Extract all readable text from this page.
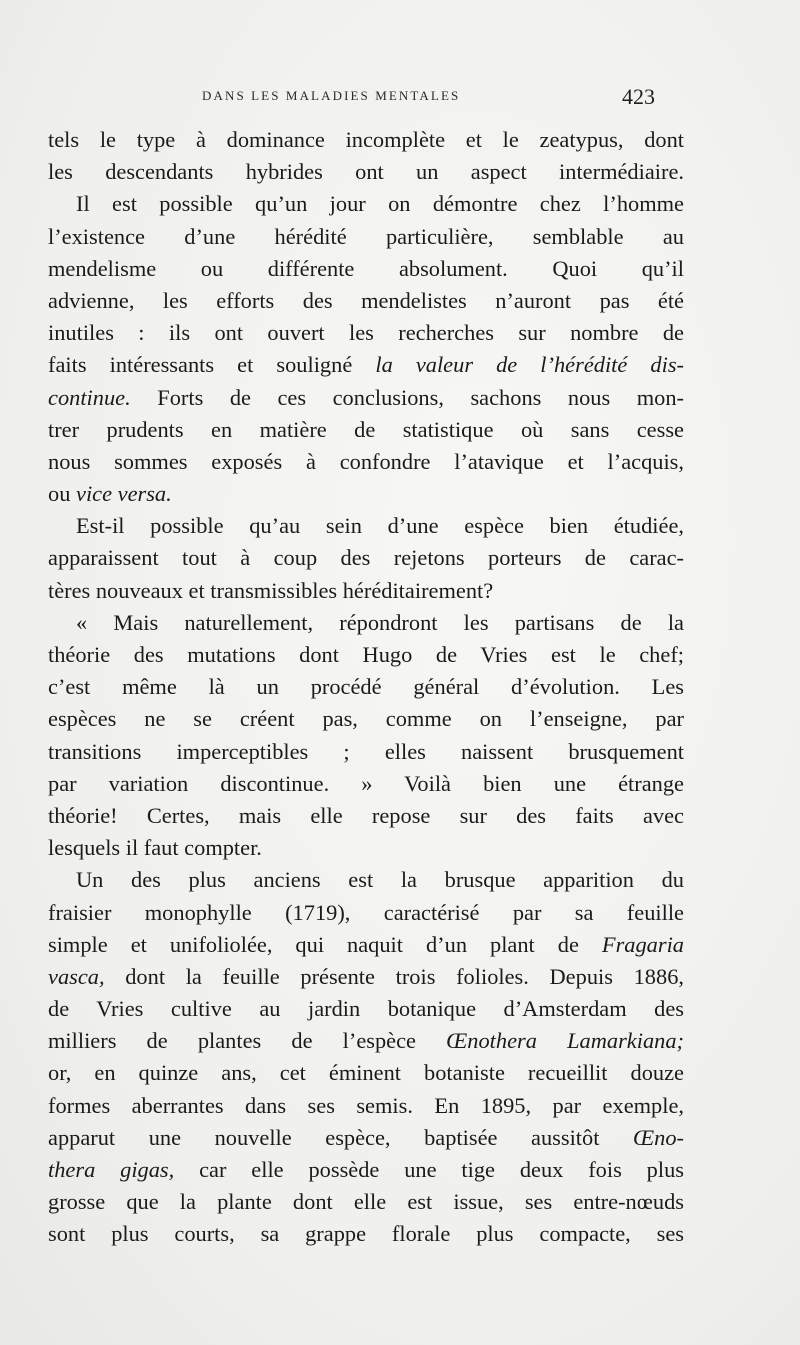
DANS LES MALADIES MENTALES	423
tels le type à dominance incomplète et le zeatypus, dont
les descendants hybrides ont un aspect intermédiaire.
Il est possible qu’un jour on démontre chez l’homme
l’existence d’une hérédité particulière, semblable au
mendelisme ou différente absolument. Quoi qu’il
advienne, les efforts des mendelistes n’auront pas été
inutiles : ils ont ouvert les recherches sur nombre de
faits intéressants et souligné la valeur de l’hérédité dis-
continue. Forts de ces conclusions, sachons nous mon-
trer prudents en matière de statistique où sans cesse
nous sommes exposés à confondre l’atavique et l’acquis,
ou vice versa.
Est-il possible qu’au sein d’une espèce bien étudiée,
apparaissent tout à coup des rejetons porteurs de carac-
tères nouveaux et transmissibles héréditairement?
« Mais naturellement, répondront les partisans de la
théorie des mutations dont Hugo de Vries est le chef;
c’est même là un procédé général d’évolution. Les
espèces ne se créent pas, comme on l’enseigne, par
transitions imperceptibles ; elles naissent brusquement
par variation discontinue. » Voilà bien une étrange
théorie! Certes, mais elle repose sur des faits avec
lesquels il faut compter.
Un des plus anciens est la brusque apparition du
fraisier monophylle (1719), caractérisé par sa feuille
simple et unifoliolée, qui naquit d’un plant de Fragaria
vasca, dont la feuille présente trois folioles. Depuis 1886,
de Vries cultive au jardin botanique d’Amsterdam des
milliers de plantes de l’espèce Œnothera Lamarkiana;
or, en quinze ans, cet éminent botaniste recueillit douze
formes aberrantes dans ses semis. En 1895, par exemple,
apparut une nouvelle espèce, baptisée aussitôt Œno-
thera gigas, car elle possède une tige deux fois plus
grosse que la plante dont elle est issue, ses entre-nœuds
sont plus courts, sa grappe florale plus compacte, ses
